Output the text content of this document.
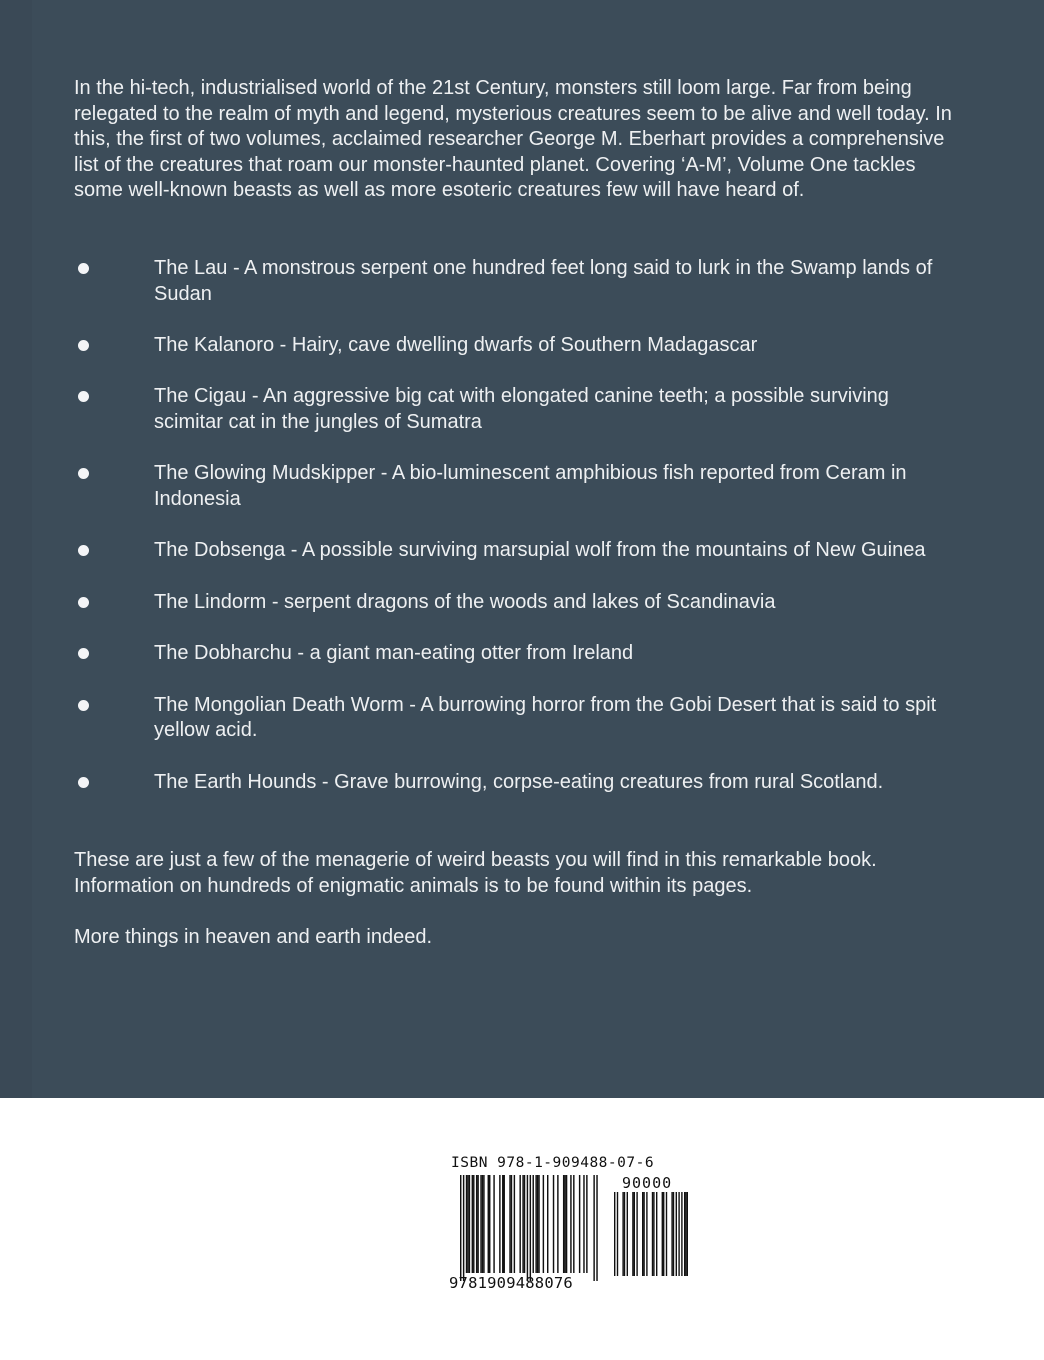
In the hi-tech, industrialised world of the 21st Century, monsters still loom large. Far from being relegated to the realm of myth and legend, mysterious creatures seem to be alive and well today. In this, the first of two volumes, acclaimed researcher George M. Eberhart provides a comprehensive list of the creatures that roam our monster-haunted planet. Covering ‘A-M’, Volume One tackles some well-known beasts as well as more esoteric creatures few will have heard of.

The Lau - A monstrous serpent one hundred feet long said to lurk in the Swamp lands of Sudan
The Kalanoro - Hairy, cave dwelling dwarfs of Southern Madagascar
The Cigau - An aggressive big cat with elongated canine teeth; a possible surviving scimitar cat in the jungles of Sumatra
The Glowing Mudskipper - A bio-luminescent amphibious fish reported from Ceram in Indonesia
The Dobsenga - A possible surviving marsupial wolf from the mountains of New Guinea
The Lindorm - serpent dragons of the woods and lakes of Scandinavia
The Dobharchu - a giant man-eating otter from Ireland
The Mongolian Death Worm - A burrowing horror from the Gobi Desert that is said to spit yellow acid.
The Earth Hounds - Grave burrowing, corpse-eating creatures from rural Scotland.

These are just a few of the menagerie of weird beasts you will find in this remarkable book. Information on hundreds of enigmatic animals is to be found within its pages.

More things in heaven and earth indeed.

ISBN 978-1-909488-07-6
90000
9781909488076
